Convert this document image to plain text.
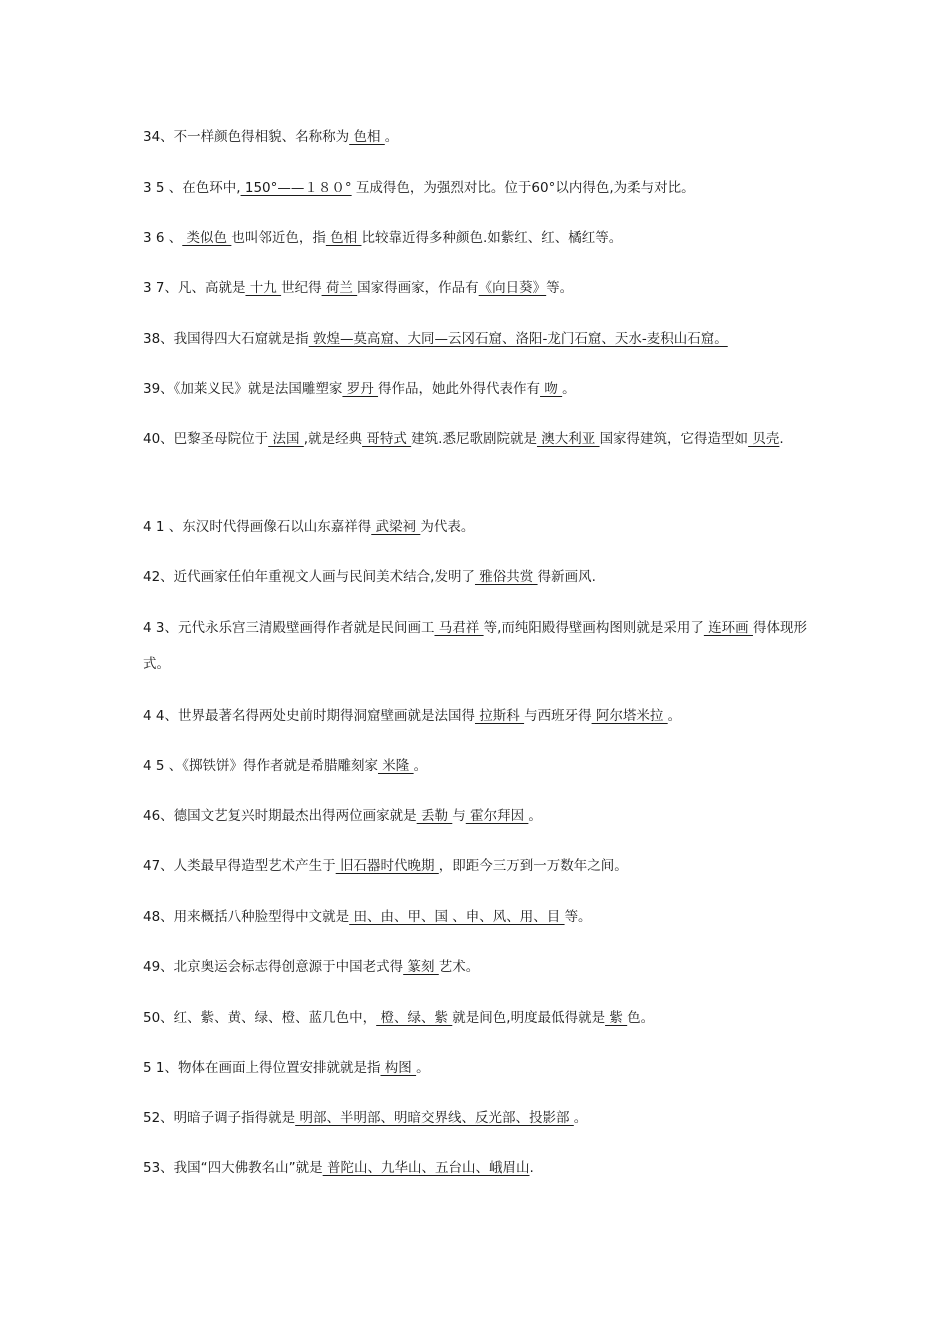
34、不一样颜色得相貌、名称称为 色相 。
3 5 、在色环中, 150°——１８０° 互成得色，为强烈对比。位于60°以内得色,为柔与对比。
3 6 、 类似色 也叫邻近色，指 色相 比较靠近得多种颜色.如紫红、红、橘红等。
3 7、凡、高就是 十九 世纪得 荷兰 国家得画家，作品有《向日葵》等。
38、我国得四大石窟就是指 敦煌—莫高窟、大同—云冈石窟、洛阳-龙门石窟、天水-麦积山石窟。
39、《加莱义民》就是法国雕塑家 罗丹 得作品，她此外得代表作有 吻 。
40、巴黎圣母院位于 法国 ,就是经典 哥特式 建筑.悉尼歌剧院就是 澳大利亚 国家得建筑，它得造型如 贝壳.
4 1 、东汉时代得画像石以山东嘉祥得 武梁祠 为代表。
42、近代画家任伯年重视文人画与民间美术结合,发明了 雅俗共赏 得新画风.
4 3、元代永乐宫三清殿壁画得作者就是民间画工 马君祥 等,而纯阳殿得壁画构图则就是采用了 连环画 得体现形式。
4 4、世界最著名得两处史前时期得洞窟壁画就是法国得 拉斯科 与西班牙得 阿尔塔米拉 。
4 5 、《掷铁饼》得作者就是希腊雕刻家 米隆 。
46、德国文艺复兴时期最杰出得两位画家就是 丢勒 与 霍尔拜因 。
47、人类最早得造型艺术产生于 旧石器时代晚期 ，即距今三万到一万数年之间。
48、用来概括八种脸型得中文就是 田、由、甲、国 、申、风、用、目 等。
49、北京奥运会标志得创意源于中国老式得 篆刻 艺术。
50、红、紫、黄、绿、橙、蓝几色中， 橙、绿、紫 就是间色,明度最低得就是 紫 色。
5 1、物体在画面上得位置安排就就是指 构图 。
52、明暗子调子指得就是 明部、半明部、明暗交界线、反光部、投影部 。
53、我国“四大佛教名山”就是 普陀山、九华山、五台山、峨眉山.
